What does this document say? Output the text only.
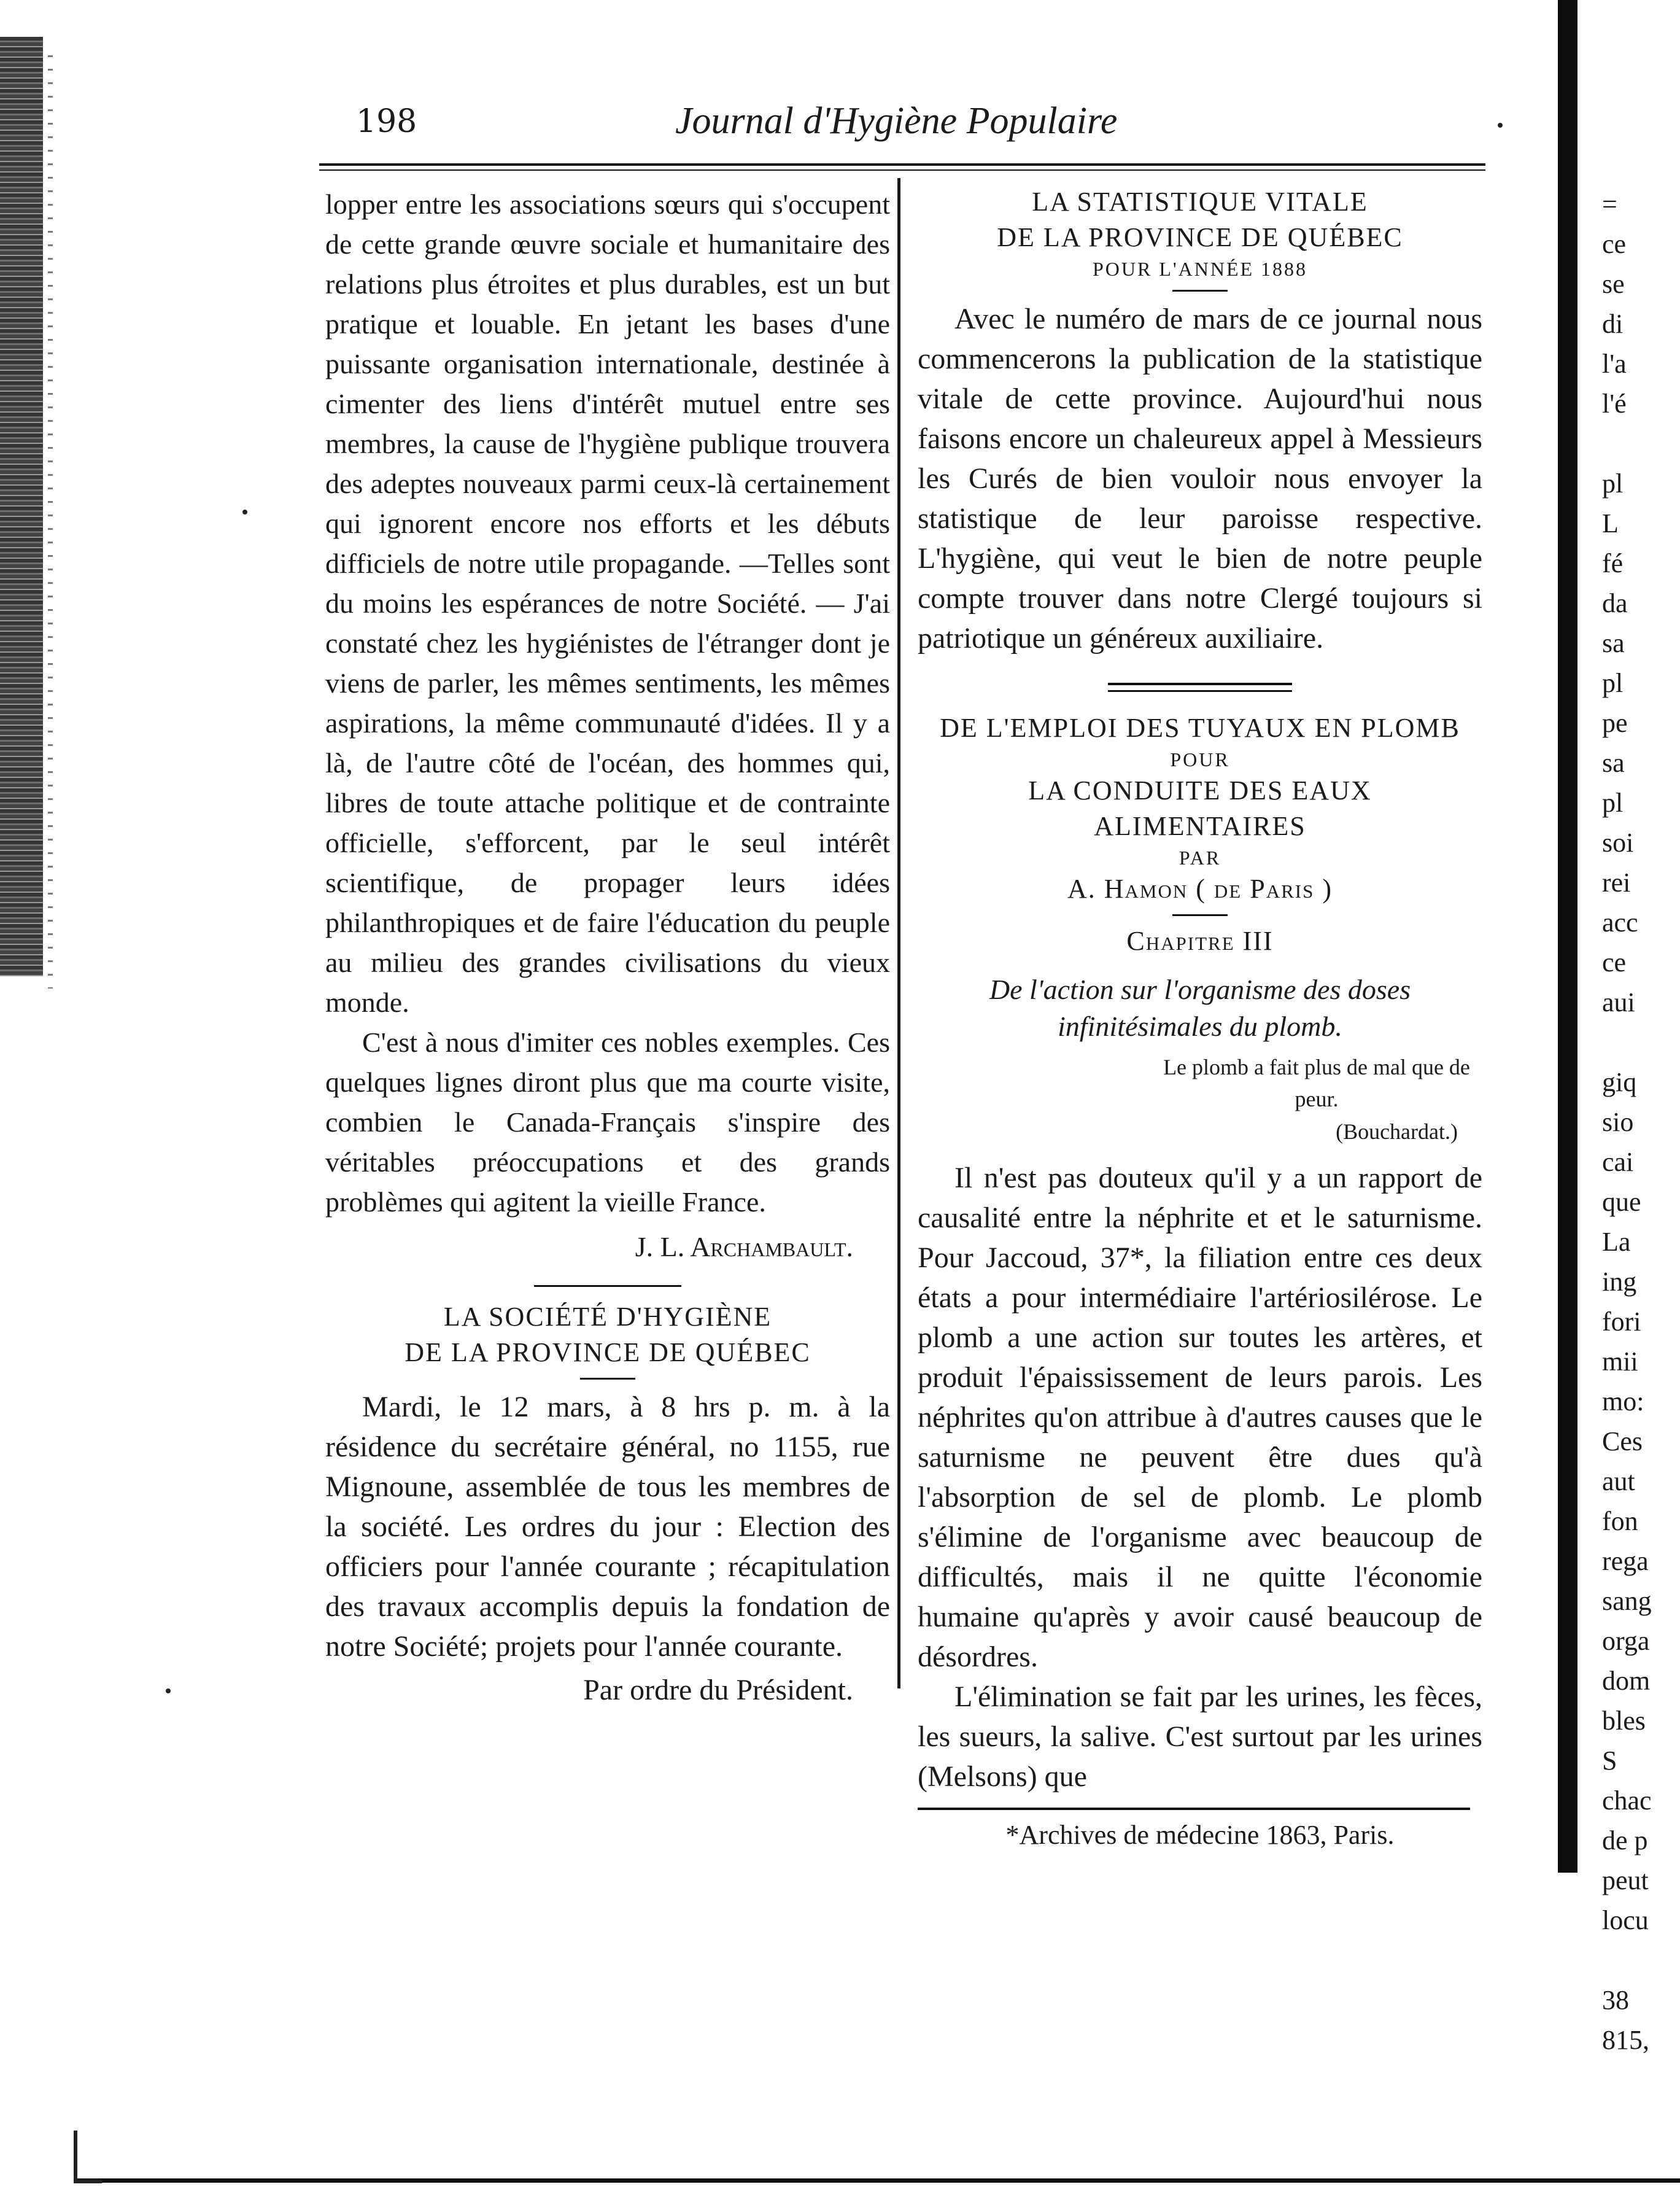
198	Journal d'Hygiène Populaire

lopper entre les associations sœurs qui s'occupent de cette grande œuvre sociale et humanitaire des relations plus étroites et plus durables, est un but pratique et louable. En jetant les bases d'une puissante organisation internationale, destinée à cimenter des liens d'intérêt mutuel entre ses membres, la cause de l'hygiène publique trouvera des adeptes nouveaux parmi ceux-là certainement qui ignorent encore nos efforts et les débuts difficiels de notre utile propagande. —Telles sont du moins les espérances de notre Société. — J'ai constaté chez les hygiénistes de l'étranger dont je viens de parler, les mêmes sentiments, les mêmes aspirations, la même communauté d'idées. Il y a là, de l'autre côté de l'océan, des hommes qui, libres de toute attache politique et de contrainte officielle, s'efforcent, par le seul intérêt scientifique, de propager leurs idées philanthropiques et de faire l'éducation du peuple au milieu des grandes civilisations du vieux monde.

C'est à nous d'imiter ces nobles exemples. Ces quelques lignes diront plus que ma courte visite, combien le Canada-Français s'inspire des véritables préoccupations et des grands problèmes qui agitent la vieille France.

J. L. Archambault.

LA SOCIÉTÉ D'HYGIÈNE

DE LA PROVINCE DE QUÉBEC

Mardi, le 12 mars, à 8 hrs p. m. à la résidence du secrétaire général, no 1155, rue Mignoune, assemblée de tous les membres de la société. Les ordres du jour : Election des officiers pour l'année courante ; récapitulation des travaux accomplis depuis la fondation de notre Société; projets pour l'année courante.

Par ordre du Président.

LA STATISTIQUE VITALE

DE LA PROVINCE DE QUÉBEC

POUR L'ANNÉE 1888

Avec le numéro de mars de ce journal nous commencerons la publication de la statistique vitale de cette province. Aujourd'hui nous faisons encore un chaleureux appel à Messieurs les Curés de bien vouloir nous envoyer la statistique de leur paroisse respective. L'hygiène, qui veut le bien de notre peuple compte trouver dans notre Clergé toujours si patriotique un généreux auxiliaire.

DE L'EMPLOI DES TUYAUX EN PLOMB

POUR

LA CONDUITE DES EAUX

ALIMENTAIRES

PAR

A. Hamon ( de Paris )

Chapitre III

De l'action sur l'organisme des doses infinitésimales du plomb.

Le plomb a fait plus de mal que de peur.

(Bouchardat.)

Il n'est pas douteux qu'il y a un rapport de causalité entre la néphrite et et le saturnisme. Pour Jaccoud, 37*, la filiation entre ces deux états a pour intermédiaire l'artériosilérose. Le plomb a une action sur toutes les artères, et produit l'épaississement de leurs parois. Les néphrites qu'on attribue à d'autres causes que le saturnisme ne peuvent être dues qu'à l'absorption de sel de plomb. Le plomb s'élimine de l'organisme avec beaucoup de difficultés, mais il ne quitte l'économie humaine qu'après y avoir causé beaucoup de désordres.

L'élimination se fait par les urines, les fèces, les sueurs, la salive. C'est surtout par les urines (Melsons) que

*Archives de médecine 1863, Paris.

=
ce
se
di
l'a
l'é
pl
L
fé
da
sa
pl
pe
sa
pl
soi
rei
acc
ce
aui
giq
sio
cai
que
La
ing
fori
mii
mo:
Ces
aut
fon
rega
sang
orga
dom
bles
S
chac
de p
peut
locu
38
815,
